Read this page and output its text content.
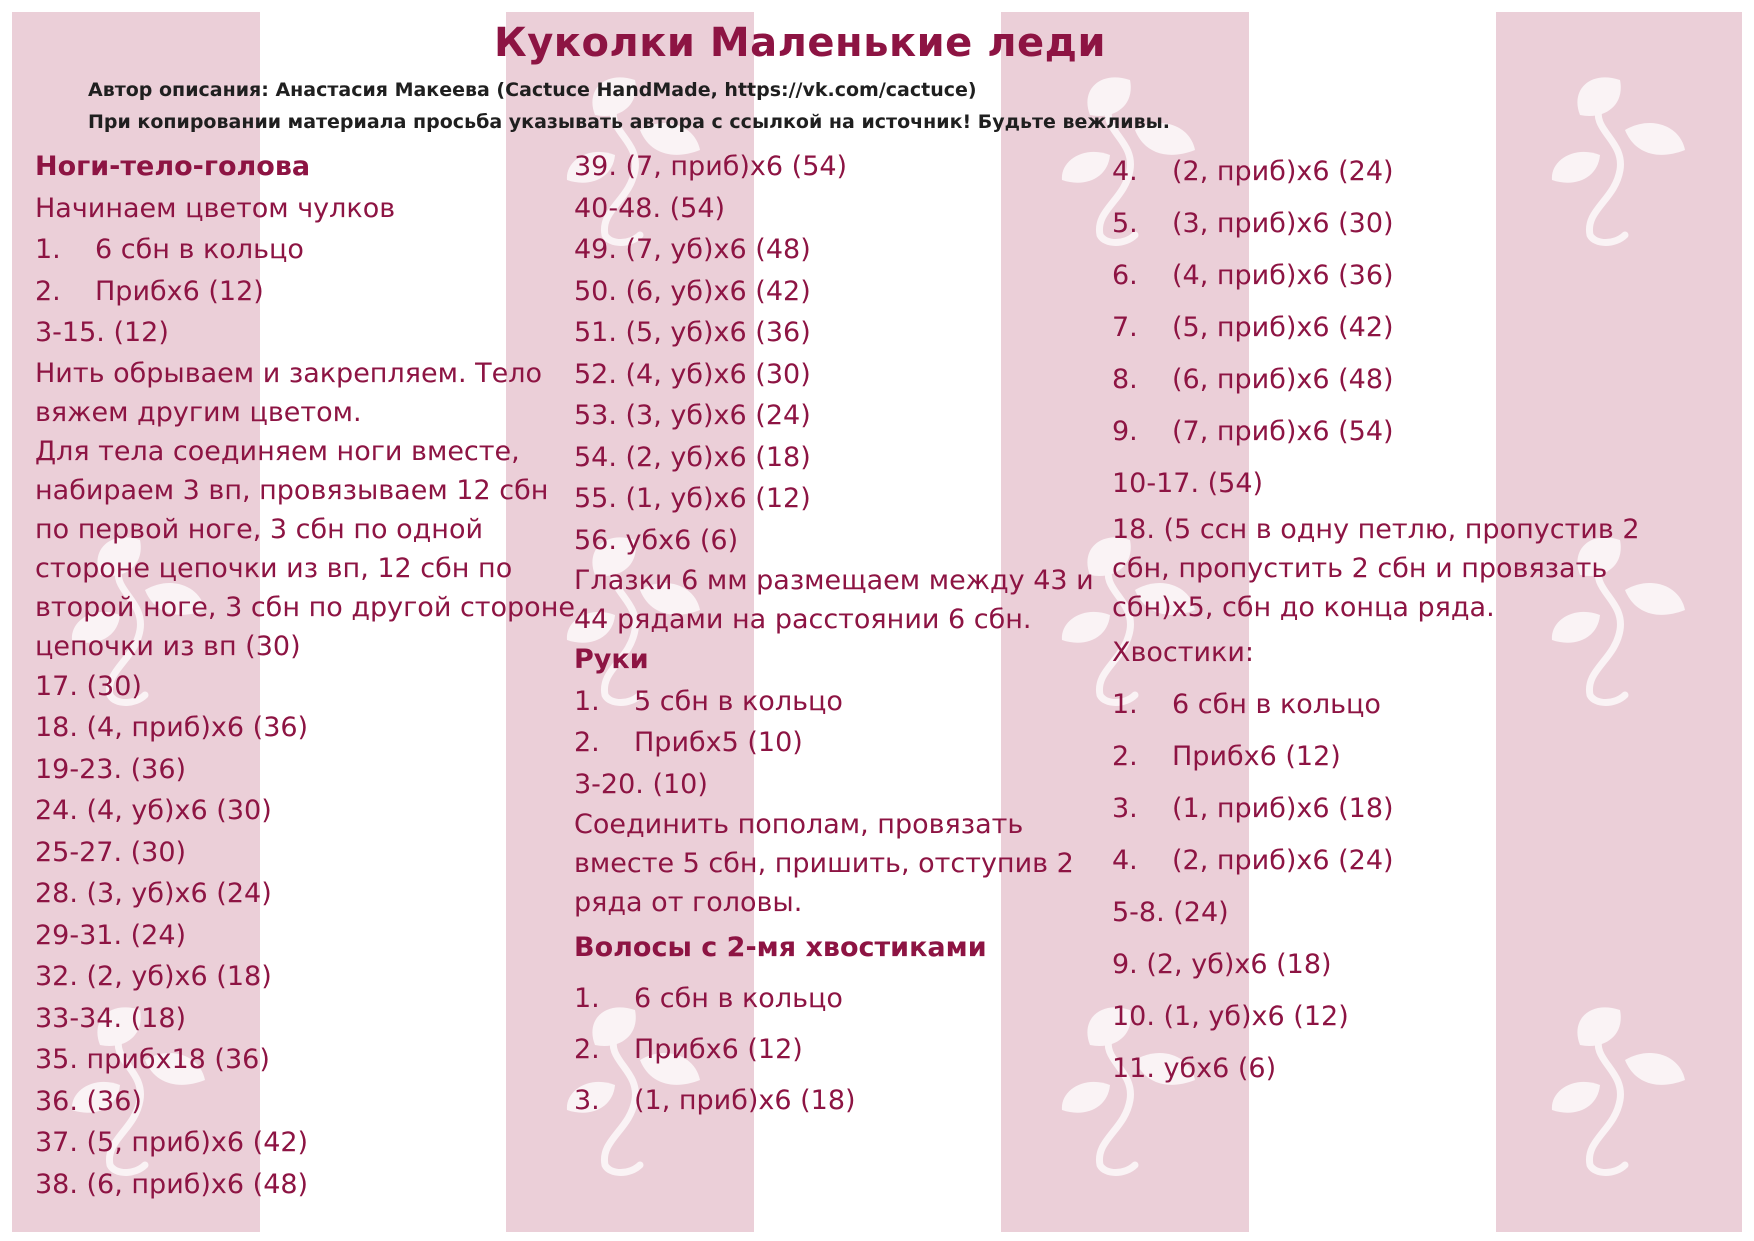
Куколки Маленькие леди
Автор описания: Анастасия Макеева (Cactuce HandMade, https://vk.com/cactuce)
При копировании материала просьба указывать автора с ссылкой на источник! Будьте вежливы.
Ноги-тело-голова
Начинаем цветом чулков
1. 6 сбн в кольцо
2. Прибх6 (12)
3-15. (12)
Нить обрываем и закрепляем. Тело вяжем другим цветом.
Для тела соединяем ноги вместе, набираем 3 вп, провязываем 12 сбн по первой ноге, 3 сбн по одной стороне цепочки из вп, 12 сбн по второй ноге, 3 сбн по другой стороне цепочки из вп (30)
17. (30)
18. (4, приб)х6 (36)
19-23. (36)
24. (4, уб)х6 (30)
25-27. (30)
28. (3, уб)х6 (24)
29-31. (24)
32. (2, уб)х6 (18)
33-34. (18)
35. прибх18 (36)
36. (36)
37. (5, приб)х6 (42)
38. (6, приб)х6 (48)
39. (7, приб)х6 (54)
40-48. (54)
49. (7, уб)х6 (48)
50. (6, уб)х6 (42)
51. (5, уб)х6 (36)
52. (4, уб)х6 (30)
53. (3, уб)х6 (24)
54. (2, уб)х6 (18)
55. (1, уб)х6 (12)
56. убх6 (6)
Глазки 6 мм размещаем между 43 и 44 рядами на расстоянии 6 сбн.
Руки
1. 5 сбн в кольцо
2. Прибх5 (10)
3-20. (10)
Соединить пополам, провязать вместе 5 сбн, пришить, отступив 2 ряда от головы.
Волосы с 2-мя хвостиками
1. 6 сбн в кольцо
2. Прибх6 (12)
3. (1, приб)х6 (18)
4. (2, приб)х6 (24)
5. (3, приб)х6 (30)
6. (4, приб)х6 (36)
7. (5, приб)х6 (42)
8. (6, приб)х6 (48)
9. (7, приб)х6 (54)
10-17. (54)
18. (5 ссн в одну петлю, пропустив 2 сбн, пропустить 2 сбн и провязать сбн)х5, сбн до конца ряда.
Хвостики:
1. 6 сбн в кольцо
2. Прибх6 (12)
3. (1, приб)х6 (18)
4. (2, приб)х6 (24)
5-8. (24)
9. (2, уб)х6 (18)
10. (1, уб)х6 (12)
11. убх6 (6)
